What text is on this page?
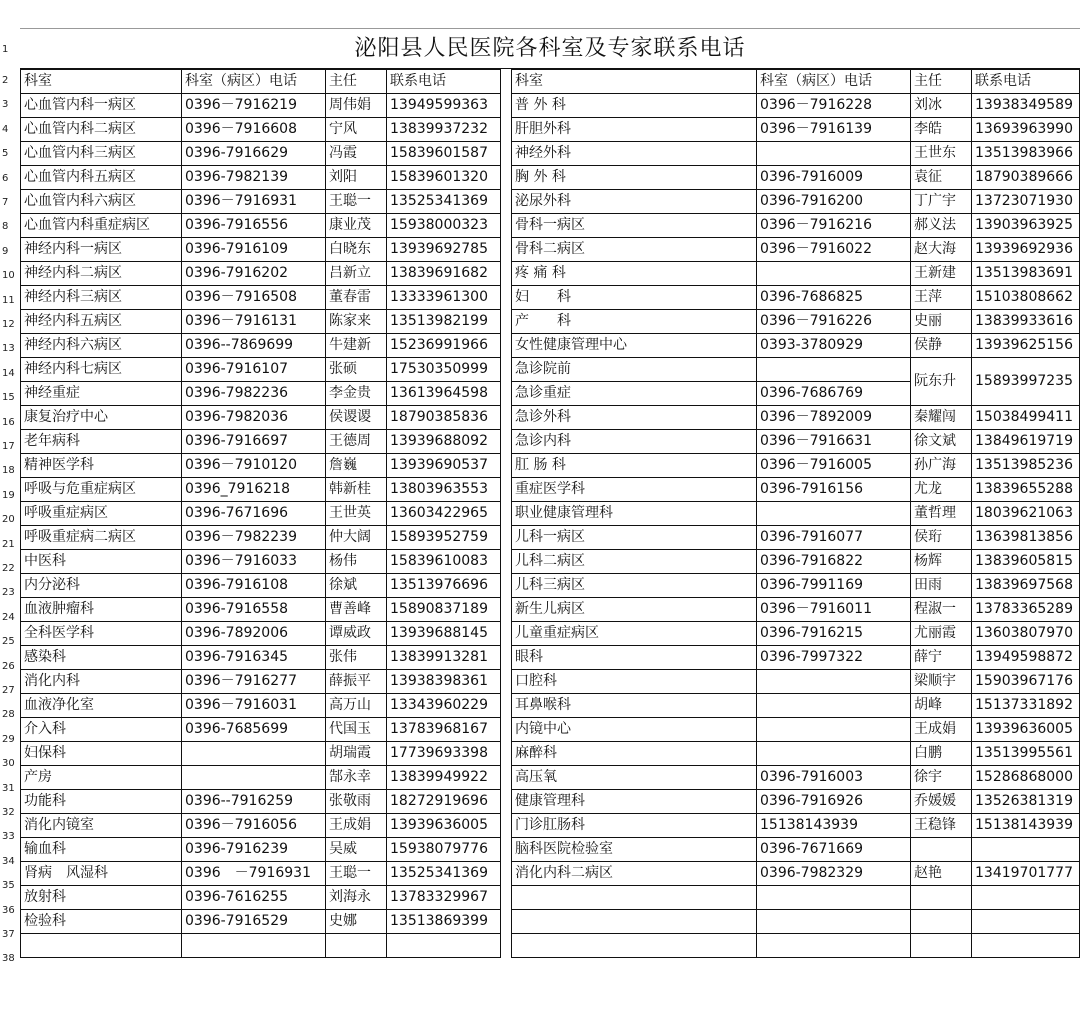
1
2
3
4
5
6
7
8
9
10
11
12
13
14
15
16
17
18
19
20
21
22
23
24
25
26
27
28
29
30
31
32
33
34
35
36
37
38
泌阳县人民医院各科室及专家联系电话
科室	科室（病区）电话	主任	联系电话
心血管内科一病区	0396－7916219	周伟娟	13949599363
心血管内科二病区	0396－7916608	宁风	13839937232
心血管内科三病区	0396-7916629	冯霞	15839601587
心血管内科五病区	0396-7982139	刘阳	15839601320
心血管内科六病区	0396－7916931	王聪一	13525341369
心血管内科重症病区	0396-7916556	康业茂	15938000323
神经内科一病区	0396-7916109	白晓东	13939692785
神经内科二病区	0396-7916202	吕新立	13839691682
神经内科三病区	0396－7916508	董春雷	13333961300
神经内科五病区	0396－7916131	陈家来	13513982199
神经内科六病区	0396--7869699	牛建新	15236991966
神经内科七病区	0396-7916107	张硕	17530350999
神经重症	0396-7982236	李金贵	13613964598
康复治疗中心	0396-7982036	侯谡谡	18790385836
老年病科	0396-7916697	王德周	13939688092
精神医学科	0396－7910120	詹巍	13939690537
呼吸与危重症病区	0396_7916218	韩新桂	13803963553
呼吸重症病区	0396-7671696	王世英	13603422965
呼吸重症病二病区	0396－7982239	仲大阔	15893952759
中医科	0396－7916033	杨伟	15839610083
内分泌科	0396-7916108	徐斌	13513976696
血液肿瘤科	0396-7916558	曹善峰	15890837189
全科医学科	0396-7892006	谭威政	13939688145
感染科	0396-7916345	张伟	13839913281
消化内科	0396－7916277	薛振平	13938398361
血液净化室	0396－7916031	高万山	13343960229
介入科	0396-7685699	代国玉	13783968167
妇保科		胡瑞霞	17739693398
产房		郜永幸	13839949922
功能科	0396--7916259	张敬雨	18272919696
消化内镜室	0396－7916056	王成娟	13939636005
输血科	0396-7916239	吴威	15938079776
肾病　风湿科	0396　－7916931	王聪一	13525341369
放射科	0396-7616255	刘海永	13783329967
检验科	0396-7916529	史娜	13513869399

科室	科室（病区）电话	主任	联系电话
普 外 科	0396－7916228	刘冰	13938349589
肝胆外科	0396－7916139	李皓	13693963990
神经外科		王世东	13513983966
胸 外 科	0396-7916009	袁征	18790389666
泌尿外科	0396-7916200	丁广宇	13723071930
骨科一病区	0396－7916216	郝义法	13903963925
骨科二病区	0396－7916022	赵大海	13939692936
疼 痛 科		王新建	13513983691
妇　　科	0396-7686825	王萍	15103808662
产　　科	0396－7916226	史丽	13839933616
女性健康管理中心	0393-3780929	侯静	13939625156
急诊院前		阮东升	15893997235
急诊重症	0396-7686769		
急诊外科	0396－7892009	秦耀闯	15038499411
急诊内科	0396－7916631	徐文斌	13849619719
肛 肠 科	0396－7916005	孙广海	13513985236
重症医学科	0396-7916156	尤龙	13839655288
职业健康管理科		董哲理	18039621063
儿科一病区	0396-7916077	侯珩	13639813856
儿科二病区	0396-7916822	杨辉	13839605815
儿科三病区	0396-7991169	田雨	13839697568
新生儿病区	0396－7916011	程淑一	13783365289
儿童重症病区	0396-7916215	尤丽霞	13603807970
眼科	0396-7997322	薛宁	13949598872
口腔科		梁顺宇	15903967176
耳鼻喉科		胡峰	15137331892
内镜中心		王成娟	13939636005
麻醉科		白鹏	13513995561
高压氧	0396-7916003	徐宇	15286868000
健康管理科	0396-7916926	乔媛媛	13526381319
门诊肛肠科	15138143939	王稳锋	15138143939
脑科医院检验室	0396-7671669		
消化内科二病区	0396-7982329	赵艳	13419701777
